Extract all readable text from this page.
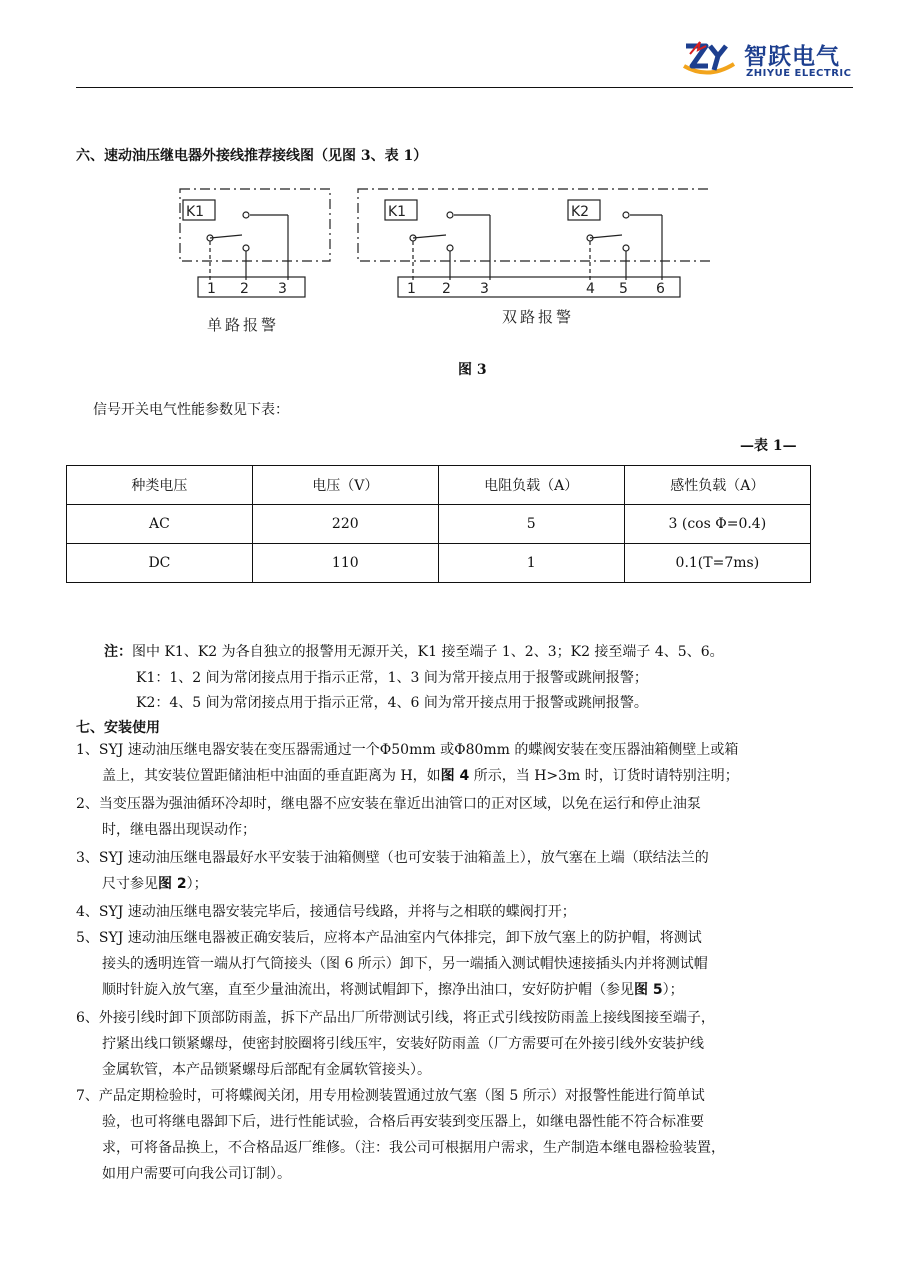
智跃电气
ZHIYUE ELECTRIC
六、速动油压继电器外接线推荐接线图（见图 3、表 1）
K1
1 2 3
单路报警
K1	K2
1 2 3	4 5 6
双路报警
图 3
信号开关电气性能参数见下表：
—表 1—
种类电压	电压（V）	电阻负载（A）	感性负载（A）
AC	220	5	3 (cos Φ=0.4)
DC	110	1	0.1(T=7ms)
注：图中 K1、K2 为各自独立的报警用无源开关，K1 接至端子 1、2、3；K2 接至端子 4、5、6。
K1：1、2 间为常闭接点用于指示正常，1、3 间为常开接点用于报警或跳闸报警；
K2：4、5 间为常闭接点用于指示正常，4、6 间为常开接点用于报警或跳闸报警。
七、安装使用
1、SYJ 速动油压继电器安装在变压器需通过一个Φ50mm 或Φ80mm 的蝶阀安装在变压器油箱侧壁上或箱
盖上，其安装位置距储油柜中油面的垂直距离为 H，如图 4 所示，当 H>3m 时，订货时请特别注明；
2、当变压器为强油循环冷却时，继电器不应安装在靠近出油管口的正对区域，以免在运行和停止油泵
时，继电器出现误动作；
3、SYJ 速动油压继电器最好水平安装于油箱侧壁（也可安装于油箱盖上），放气塞在上端（联结法兰的
尺寸参见图 2）；
4、SYJ 速动油压继电器安装完毕后，接通信号线路，并将与之相联的蝶阀打开；
5、SYJ 速动油压继电器被正确安装后，应将本产品油室内气体排完，卸下放气塞上的防护帽，将测试
接头的透明连管一端从打气筒接头（图 6 所示）卸下，另一端插入测试帽快速接插头内并将测试帽
顺时针旋入放气塞，直至少量油流出，将测试帽卸下，擦净出油口，安好防护帽（参见图 5）；
6、外接引线时卸下顶部防雨盖，拆下产品出厂所带测试引线，将正式引线按防雨盖上接线图接至端子，
拧紧出线口锁紧螺母，使密封胶圈将引线压牢，安装好防雨盖（厂方需要可在外接引线外安装护线
金属软管，本产品锁紧螺母后部配有金属软管接头）。
7、产品定期检验时，可将蝶阀关闭，用专用检测装置通过放气塞（图 5 所示）对报警性能进行简单试
验，也可将继电器卸下后，进行性能试验，合格后再安装到变压器上，如继电器性能不符合标准要
求，可将备品换上，不合格品返厂维修。（注：我公司可根据用户需求，生产制造本继电器检验装置，
如用户需要可向我公司订制）。
